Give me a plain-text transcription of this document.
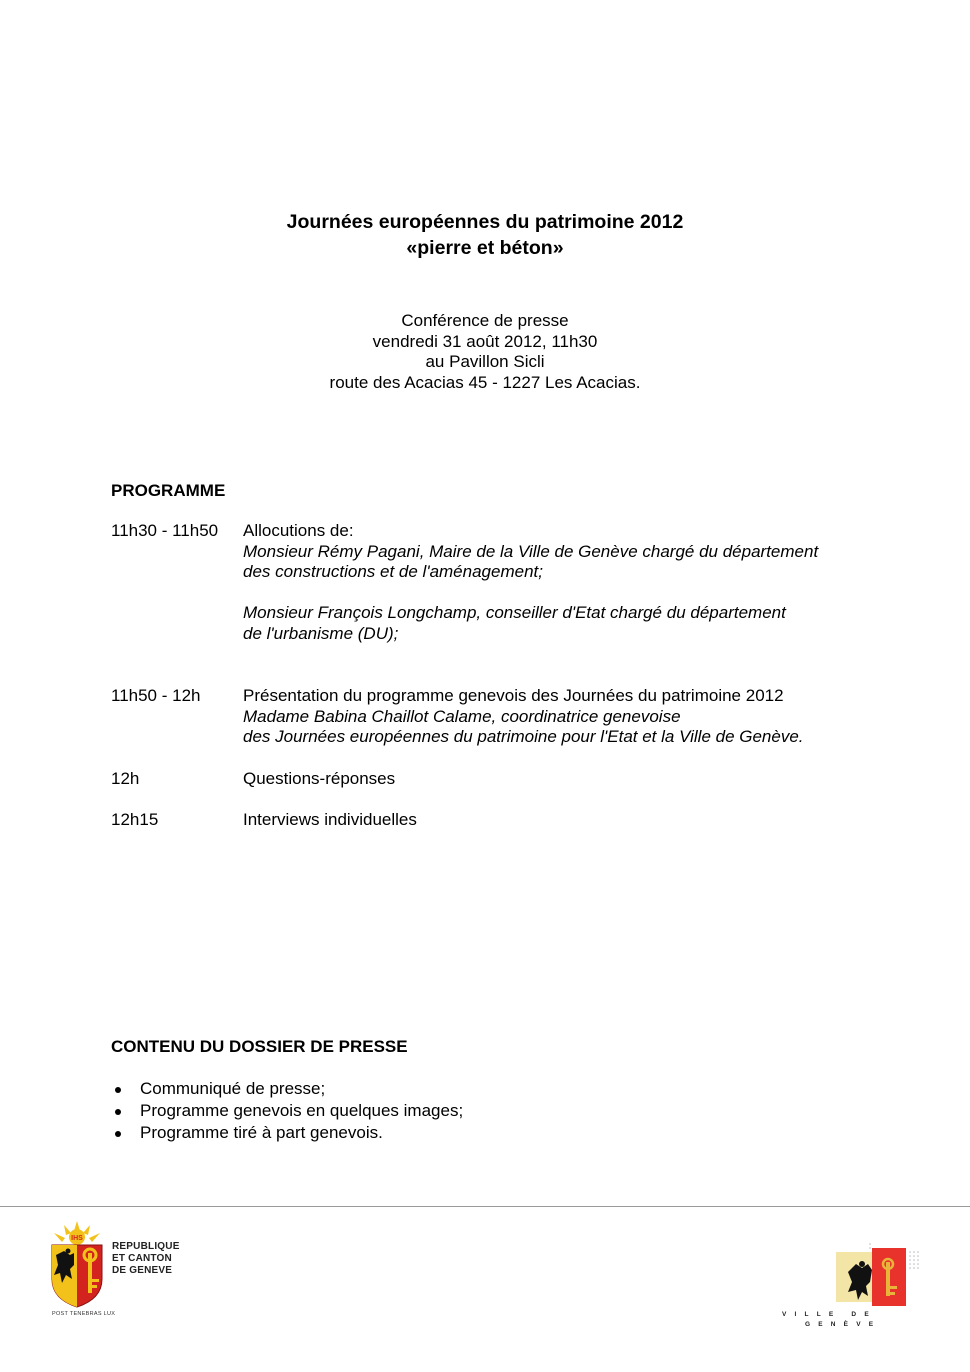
Journées européennes du patrimoine 2012
«pierre et béton»
Conférence de presse
vendredi 31 août 2012, 11h30
au Pavillon Sicli
route des Acacias 45 - 1227 Les Acacias.
PROGRAMME
11h30 - 11h50 Allocutions de:
Monsieur Rémy Pagani, Maire de la Ville de Genève chargé du département
des constructions et de l'aménagement;
Monsieur François Longchamp, conseiller d'Etat chargé du département
de l'urbanisme (DU);
11h50 - 12h	Présentation du programme genevois des Journées du patrimoine 2012
Madame Babina Chaillot Calame, coordinatrice genevoise
des Journées européennes du patrimoine pour l'Etat et la Ville de Genève.
12h	Questions-réponses
12h15	Interviews individuelles
CONTENU DU DOSSIER DE PRESSE
Communiqué de presse;
Programme genevois en quelques images;
Programme tiré à part genevois.
IHS
REPUBLIQUE
ET CANTON
DE GENEVE
POST TENEBRAS LUX	VILLE DE
GENÈVE
